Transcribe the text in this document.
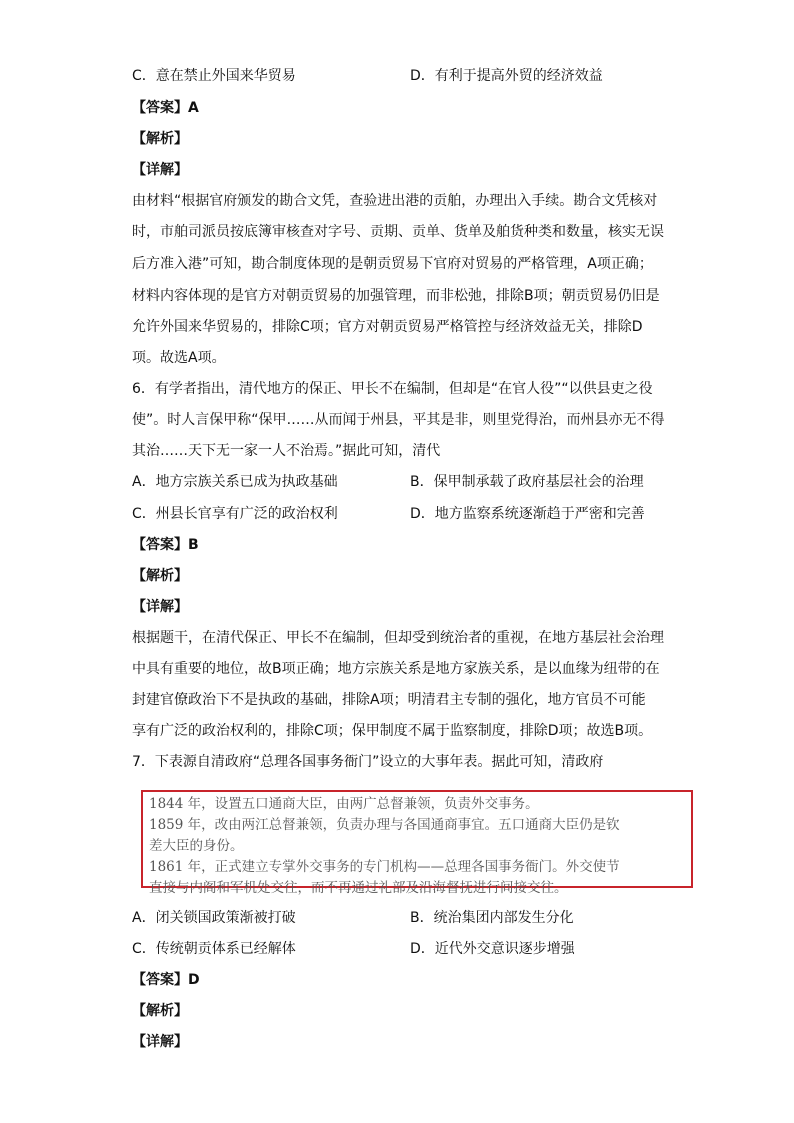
C．意在禁止外国来华贸易	D．有利于提高外贸的经济效益
【答案】A
【解析】
【详解】
由材料“根据官府颁发的勘合文凭，查验进出港的贡舶，办理出入手续。勘合文凭核对
时，市舶司派员按底簿审核查对字号、贡期、贡单、货单及舶货种类和数量，核实无误
后方准入港”可知，勘合制度体现的是朝贡贸易下官府对贸易的严格管理，A项正确；
材料内容体现的是官方对朝贡贸易的加强管理，而非松弛，排除B项；朝贡贸易仍旧是
允许外国来华贸易的，排除C项；官方对朝贡贸易严格管控与经济效益无关，排除D
项。故选A项。
6．有学者指出，清代地方的保正、甲长不在编制，但却是“在官人役”“以供县吏之役
使”。时人言保甲称“保甲……从而闻于州县，平其是非，则里党得治，而州县亦无不得
其治……天下无一家一人不治焉。”据此可知，清代
A．地方宗族关系已成为执政基础	B．保甲制承载了政府基层社会的治理
C．州县长官享有广泛的政治权利	D．地方监察系统逐渐趋于严密和完善
【答案】B
【解析】
【详解】
根据题干，在清代保正、甲长不在编制，但却受到统治者的重视，在地方基层社会治理
中具有重要的地位，故B项正确；地方宗族关系是地方家族关系，是以血缘为纽带的在
封建官僚政治下不是执政的基础，排除A项；明清君主专制的强化，地方官员不可能
享有广泛的政治权利的，排除C项；保甲制度不属于监察制度，排除D项；故选B项。
7．下表源自清政府“总理各国事务衙门”设立的大事年表。据此可知，清政府
1844 年，设置五口通商大臣，由两广总督兼领，负责外交事务。
1859 年，改由两江总督兼领，负责办理与各国通商事宜。五口通商大臣仍是钦
差大臣的身份。
1861 年，正式建立专掌外交事务的专门机构——总理各国事务衙门。外交使节
直接与内阁和军机处交往，而不再通过礼部及沿海督抚进行间接交往。
A．闭关锁国政策渐被打破	B．统治集团内部发生分化
C．传统朝贡体系已经解体	D．近代外交意识逐步增强
【答案】D
【解析】
【详解】
